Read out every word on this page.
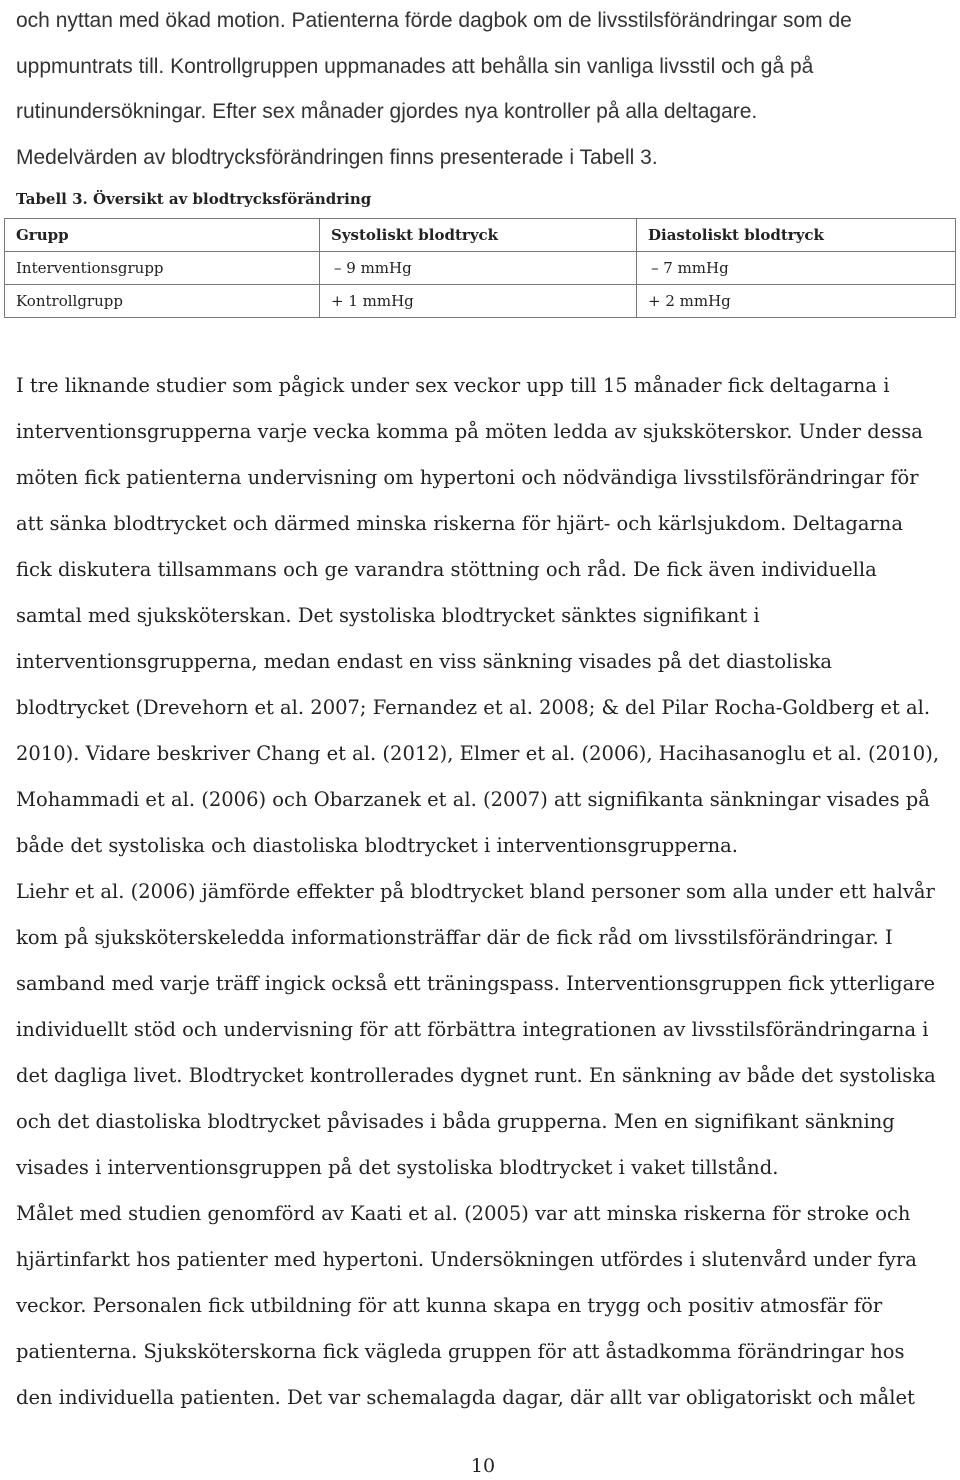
och nyttan med ökad motion. Patienterna förde dagbok om de livsstilsförändringar som de

uppmuntrats till. Kontrollgruppen uppmanades att behålla sin vanliga livsstil och gå på

rutinundersökningar. Efter sex månader gjordes nya kontroller på alla deltagare.

Medelvärden av blodtrycksförändringen finns presenterade i Tabell 3.

Tabell 3. Översikt av blodtrycksförändring
Grupp	Systoliskt blodtryck	Diastoliskt blodtryck
Interventionsgrupp	– 9 mmHg	– 7 mmHg
Kontrollgrupp	+ 1 mmHg	+ 2 mmHg

I tre liknande studier som pågick under sex veckor upp till 15 månader fick deltagarna i

interventionsgrupperna varje vecka komma på möten ledda av sjuksköterskor. Under dessa

möten fick patienterna undervisning om hypertoni och nödvändiga livsstilsförändringar för

att sänka blodtrycket och därmed minska riskerna för hjärt- och kärlsjukdom. Deltagarna

fick diskutera tillsammans och ge varandra stöttning och råd. De fick även individuella

samtal med sjuksköterskan. Det systoliska blodtrycket sänktes signifikant i

interventionsgrupperna, medan endast en viss sänkning visades på det diastoliska

blodtrycket (Drevehorn et al. 2007; Fernandez et al. 2008; & del Pilar Rocha-Goldberg et al.

2010). Vidare beskriver Chang et al. (2012), Elmer et al. (2006), Hacihasanoglu et al. (2010),

Mohammadi et al. (2006) och Obarzanek et al. (2007) att signifikanta sänkningar visades på

både det systoliska och diastoliska blodtrycket i interventionsgrupperna.

Liehr et al. (2006) jämförde effekter på blodtrycket bland personer som alla under ett halvår

kom på sjuksköterskeledda informationsträffar där de fick råd om livsstilsförändringar. I

samband med varje träff ingick också ett träningspass. Interventionsgruppen fick ytterligare

individuellt stöd och undervisning för att förbättra integrationen av livsstilsförändringarna i

det dagliga livet. Blodtrycket kontrollerades dygnet runt. En sänkning av både det systoliska

och det diastoliska blodtrycket påvisades i båda grupperna. Men en signifikant sänkning

visades i interventionsgruppen på det systoliska blodtrycket i vaket tillstånd.

Målet med studien genomförd av Kaati et al. (2005) var att minska riskerna för stroke och

hjärtinfarkt hos patienter med hypertoni. Undersökningen utfördes i slutenvård under fyra

veckor. Personalen fick utbildning för att kunna skapa en trygg och positiv atmosfär för

patienterna. Sjuksköterskorna fick vägleda gruppen för att åstadkomma förändringar hos

den individuella patienten. Det var schemalagda dagar, där allt var obligatoriskt och målet

10
